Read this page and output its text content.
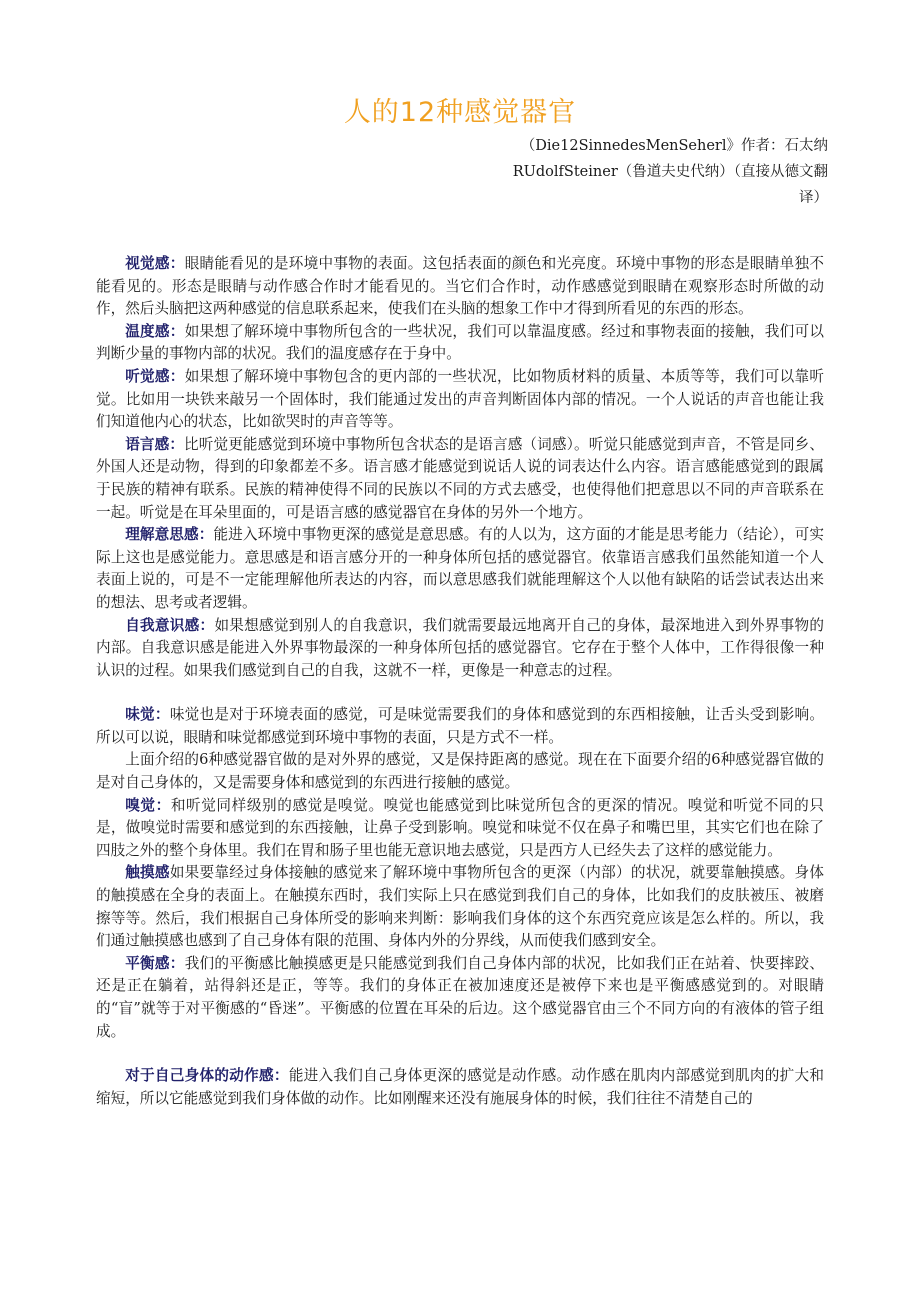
人的12种感觉器官
（Die12SinnedesMenSeherl》作者：石太纳
RUdolfSteiner（鲁道夫史代纳）（直接从德文翻
译）

视觉感：眼睛能看见的是环境中事物的表面。这包括表面的颜色和光亮度。环境中事物的形态是眼睛单独不能看见的。形态是眼睛与动作感合作时才能看见的。当它们合作时，动作感感觉到眼睛在观察形态时所做的动作，然后头脑把这两种感觉的信息联系起来，使我们在头脑的想象工作中才得到所看见的东西的形态。

温度感：如果想了解环境中事物所包含的一些状况，我们可以靠温度感。经过和事物表面的接触，我们可以判断少量的事物内部的状况。我们的温度感存在于身中。

听觉感：如果想了解环境中事物包含的更内部的一些状况，比如物质材料的质量、本质等等，我们可以靠听觉。比如用一块铁来敲另一个固体时，我们能通过发出的声音判断固体内部的情况。一个人说话的声音也能让我们知道他内心的状态，比如欲哭时的声音等等。

语言感：比听觉更能感觉到环境中事物所包含状态的是语言感（词感）。听觉只能感觉到声音，不管是同乡、外国人还是动物，得到的印象都差不多。语言感才能感觉到说话人说的词表达什么内容。语言感能感觉到的跟属于民族的精神有联系。民族的精神使得不同的民族以不同的方式去感受，也使得他们把意思以不同的声音联系在一起。听觉是在耳朵里面的，可是语言感的感觉器官在身体的另外一个地方。

理解意思感：能进入环境中事物更深的感觉是意思感。有的人以为，这方面的才能是思考能力（结论），可实际上这也是感觉能力。意思感是和语言感分开的一种身体所包括的感觉器官。依靠语言感我们虽然能知道一个人表面上说的，可是不一定能理解他所表达的内容，而以意思感我们就能理解这个人以他有缺陷的话尝试表达出来的想法、思考或者逻辑。

自我意识感：如果想感觉到别人的自我意识，我们就需要最远地离开自己的身体，最深地进入到外界事物的内部。自我意识感是能进入外界事物最深的一种身体所包括的感觉器官。它存在于整个人体中，工作得很像一种认识的过程。如果我们感觉到自己的自我，这就不一样，更像是一种意志的过程。

味觉：味觉也是对于环境表面的感觉，可是味觉需要我们的身体和感觉到的东西相接触，让舌头受到影响。所以可以说，眼睛和味觉都感觉到环境中事物的表面，只是方式不一样。

上面介绍的6种感觉器官做的是对外界的感觉，又是保持距离的感觉。现在在下面要介绍的6种感觉器官做的是对自己身体的，又是需要身体和感觉到的东西进行接触的感觉。

嗅觉：和听觉同样级别的感觉是嗅觉。嗅觉也能感觉到比味觉所包含的更深的情况。嗅觉和听觉不同的只是，做嗅觉时需要和感觉到的东西接触，让鼻子受到影响。嗅觉和味觉不仅在鼻子和嘴巴里，其实它们也在除了四肢之外的整个身体里。我们在胃和肠子里也能无意识地去感觉，只是西方人已经失去了这样的感觉能力。

触摸感如果要靠经过身体接触的感觉来了解环境中事物所包含的更深（内部）的状况，就要靠触摸感。身体的触摸感在全身的表面上。在触摸东西时，我们实际上只在感觉到我们自己的身体，比如我们的皮肤被压、被磨擦等等。然后，我们根据自己身体所受的影响来判断：影响我们身体的这个东西究竟应该是怎么样的。所以，我们通过触摸感也感到了自己身体有限的范围、身体内外的分界线，从而使我们感到安全。

平衡感：我们的平衡感比触摸感更是只能感觉到我们自己身体内部的状况，比如我们正在站着、快要摔跤、还是正在躺着，站得斜还是正，等等。我们的身体正在被加速度还是被停下来也是平衡感感觉到的。对眼睛的“盲”就等于对平衡感的“昏迷”。平衡感的位置在耳朵的后边。这个感觉器官由三个不同方向的有液体的管子组成。

对于自己身体的动作感：能进入我们自己身体更深的感觉是动作感。动作感在肌肉内部感觉到肌肉的扩大和缩短，所以它能感觉到我们身体做的动作。比如刚醒来还没有施展身体的时候，我们往往不清楚自己的
